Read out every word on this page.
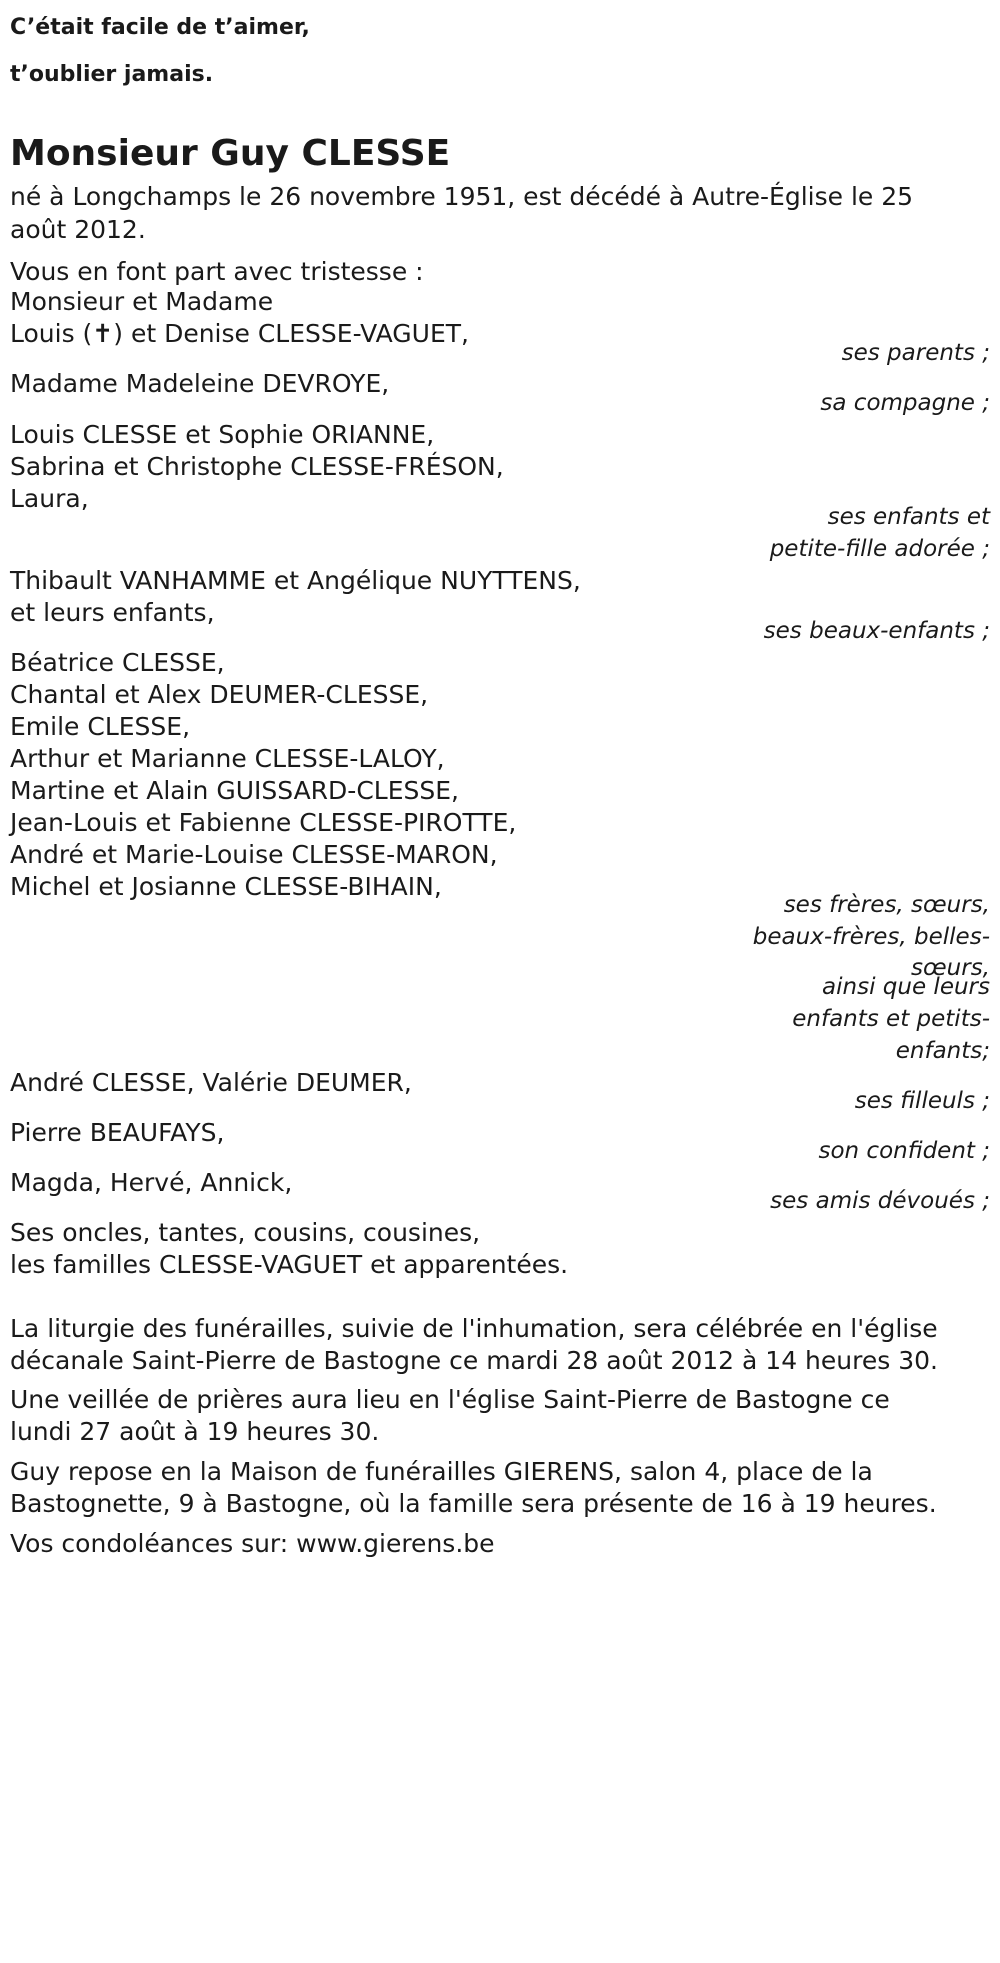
C’était facile de t’aimer,
t’oublier jamais.
Monsieur Guy CLESSE
né à Longchamps le 26 novembre 1951, est décédé à Autre-Église le 25
août 2012.
Vous en font part avec tristesse :
Monsieur et Madame
Louis (✝) et Denise CLESSE-VAGUET,
ses parents ;
Madame Madeleine DEVROYE,
sa compagne ;
Louis CLESSE et Sophie ORIANNE,
Sabrina et Christophe CLESSE-FRÉSON,
Laura,
ses enfants et
petite-fille adorée ;
Thibault VANHAMME et Angélique NUYTTENS,
et leurs enfants,
ses beaux-enfants ;
Béatrice CLESSE,
Chantal et Alex DEUMER-CLESSE,
Emile CLESSE,
Arthur et Marianne CLESSE-LALOY,
Martine et Alain GUISSARD-CLESSE,
Jean-Louis et Fabienne CLESSE-PIROTTE,
André et Marie-Louise CLESSE-MARON,
Michel et Josianne CLESSE-BIHAIN,
ses frères, sœurs,
beaux-frères, belles-
sœurs,
ainsi que leurs
enfants et petits-
enfants;
André CLESSE, Valérie DEUMER,
ses filleuls ;
Pierre BEAUFAYS,
son confident ;
Magda, Hervé, Annick,
ses amis dévoués ;
Ses oncles, tantes, cousins, cousines,
les familles CLESSE-VAGUET et apparentées.
La liturgie des funérailles, suivie de l'inhumation, sera célébrée en l'église
décanale Saint-Pierre de Bastogne ce mardi 28 août 2012 à 14 heures 30.
Une veillée de prières aura lieu en l'église Saint-Pierre de Bastogne ce
lundi 27 août à 19 heures 30.
Guy repose en la Maison de funérailles GIERENS, salon 4, place de la
Bastognette, 9 à Bastogne, où la famille sera présente de 16 à 19 heures.
Vos condoléances sur: www.gierens.be
